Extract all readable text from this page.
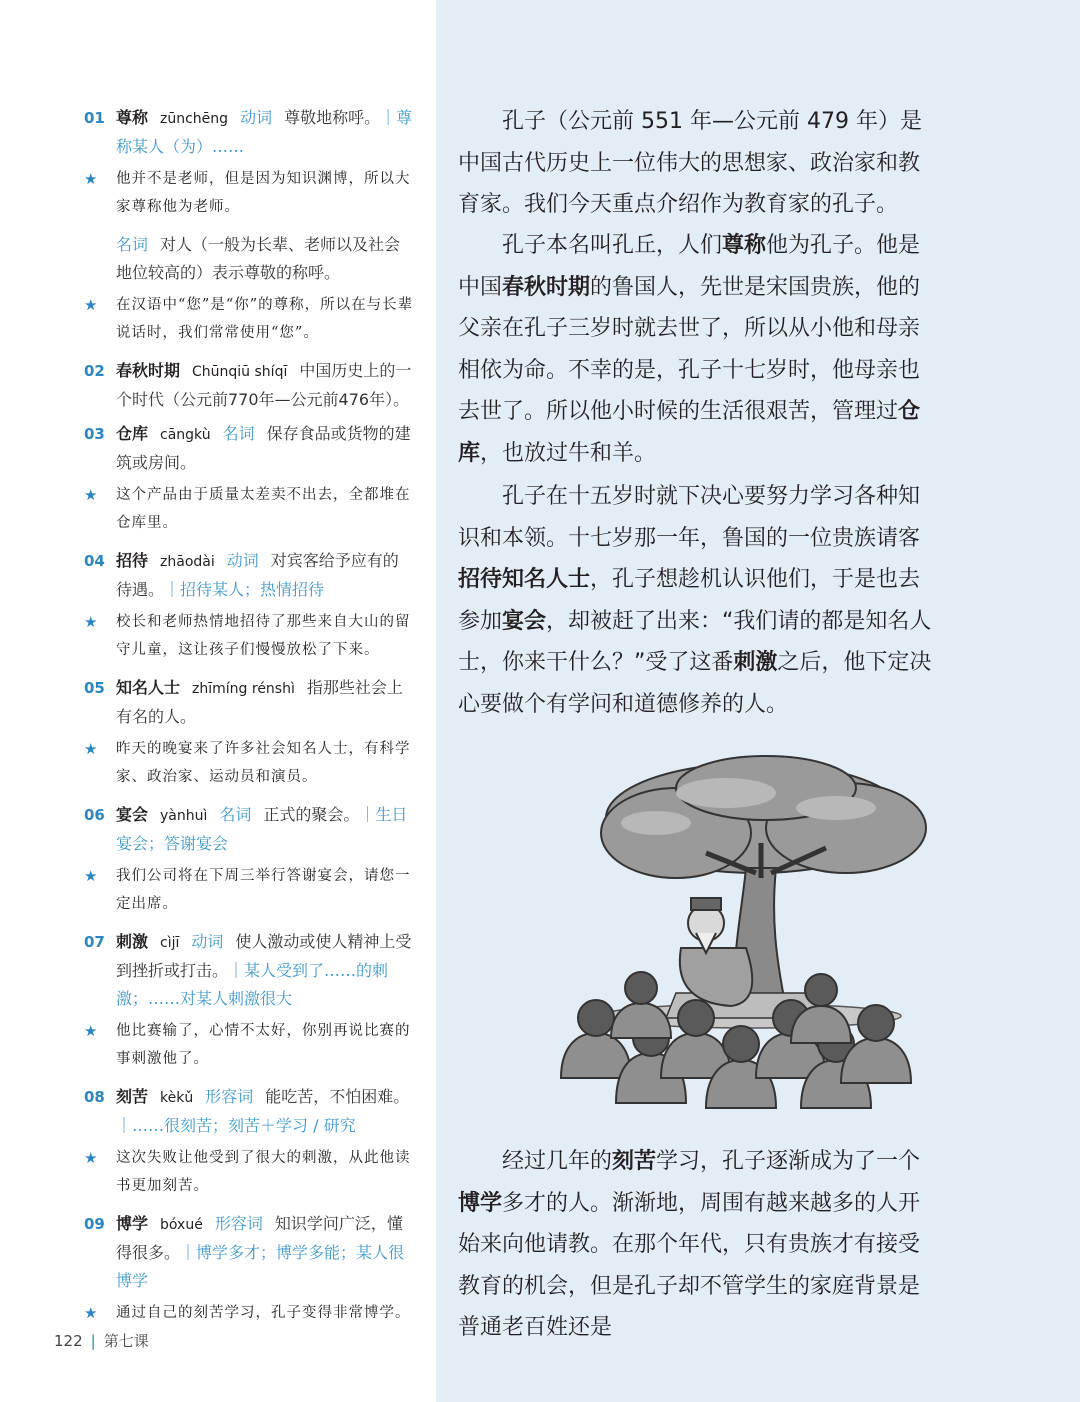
01 尊称 zūnchēng 动词 尊敬地称呼。｜尊称某人（为）……
★ 他并不是老师，但是因为知识渊博，所以大家尊称他为老师。
名词 对人（一般为长辈、老师以及社会地位较高的）表示尊敬的称呼。
★ 在汉语中“您”是“你”的尊称，所以在与长辈说话时，我们常常使用“您”。
02 春秋时期 Chūnqiū shíqī 中国历史上的一个时代（公元前770年—公元前476年）。
03 仓库 cāngkù 名词 保存食品或货物的建筑或房间。
★ 这个产品由于质量太差卖不出去，全都堆在仓库里。
04 招待 zhāodài 动词 对宾客给予应有的待遇。｜招待某人；热情招待
★ 校长和老师热情地招待了那些来自大山的留守儿童，这让孩子们慢慢放松了下来。
05 知名人士 zhīmíng rénshì 指那些社会上有名的人。
★ 昨天的晚宴来了许多社会知名人士，有科学家、政治家、运动员和演员。
06 宴会 yànhuì 名词 正式的聚会。｜生日宴会；答谢宴会
★ 我们公司将在下周三举行答谢宴会，请您一定出席。
07 刺激 cìjī 动词 使人激动或使人精神上受到挫折或打击。｜某人受到了……的刺激；……对某人刺激很大
★ 他比赛输了，心情不太好，你别再说比赛的事刺激他了。
08 刻苦 kèkǔ 形容词 能吃苦，不怕困难。｜……很刻苦；刻苦＋学习 / 研究
★ 这次失败让他受到了很大的刺激，从此他读书更加刻苦。
09 博学 bóxué 形容词 知识学问广泛，懂得很多。｜博学多才；博学多能；某人很博学
★ 通过自己的刻苦学习，孔子变得非常博学。
122 | 第七课

孔子（公元前 551 年—公元前 479 年）是中国古代历史上一位伟大的思想家、政治家和教育家。我们今天重点介绍作为教育家的孔子。

孔子本名叫孔丘，人们尊称他为孔子。他是中国春秋时期的鲁国人，先世是宋国贵族，他的父亲在孔子三岁时就去世了，所以从小他和母亲相依为命。不幸的是，孔子十七岁时，他母亲也去世了。所以他小时候的生活很艰苦，管理过仓库，也放过牛和羊。

孔子在十五岁时就下决心要努力学习各种知识和本领。十七岁那一年，鲁国的一位贵族请客招待知名人士，孔子想趁机认识他们，于是也去参加宴会，却被赶了出来：“我们请的都是知名人士，你来干什么？”受了这番刺激之后，他下定决心要做个有学问和道德修养的人。

经过几年的刻苦学习，孔子逐渐成为了一个博学多才的人。渐渐地，周围有越来越多的人开始来向他请教。在那个年代，只有贵族才有接受教育的机会，但是孔子却不管学生的家庭背景是普通老百姓还是
